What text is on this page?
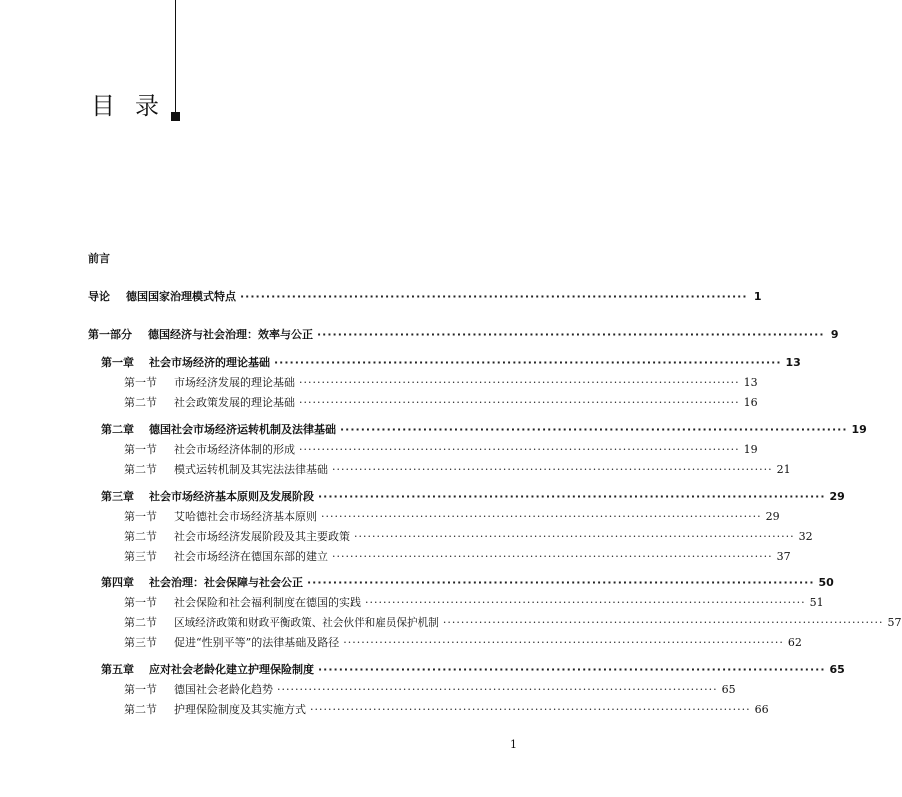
目录
前言
导论	德国国家治理模式特点 ·································································································· 1
第一部分	德国经济与社会治理：效率与公正 ·································································································· 9
第一章	社会市场经济的理论基础 ·································································································· 13
第一节	市场经济发展的理论基础 ·································································································· 13
第二节	社会政策发展的理论基础 ·································································································· 16
第二章	德国社会市场经济运转机制及法律基础 ·································································································· 19
第一节	社会市场经济体制的形成 ·································································································· 19
第二节	模式运转机制及其宪法法律基础 ·································································································· 21
第三章	社会市场经济基本原则及发展阶段 ·································································································· 29
第一节	艾哈德社会市场经济基本原则 ·································································································· 29
第二节	社会市场经济发展阶段及其主要政策 ·································································································· 32
第三节	社会市场经济在德国东部的建立 ·································································································· 37
第四章	社会治理：社会保障与社会公正 ·································································································· 50
第一节	社会保险和社会福利制度在德国的实践 ·································································································· 51
第二节	区域经济政策和财政平衡政策、社会伙伴和雇员保护机制 ·································································································· 57
第三节	促进“性别平等”的法律基础及路径 ·································································································· 62
第五章	应对社会老龄化建立护理保险制度 ·································································································· 65
第一节	德国社会老龄化趋势 ·································································································· 65
第二节	护理保险制度及其实施方式 ·································································································· 66
1
